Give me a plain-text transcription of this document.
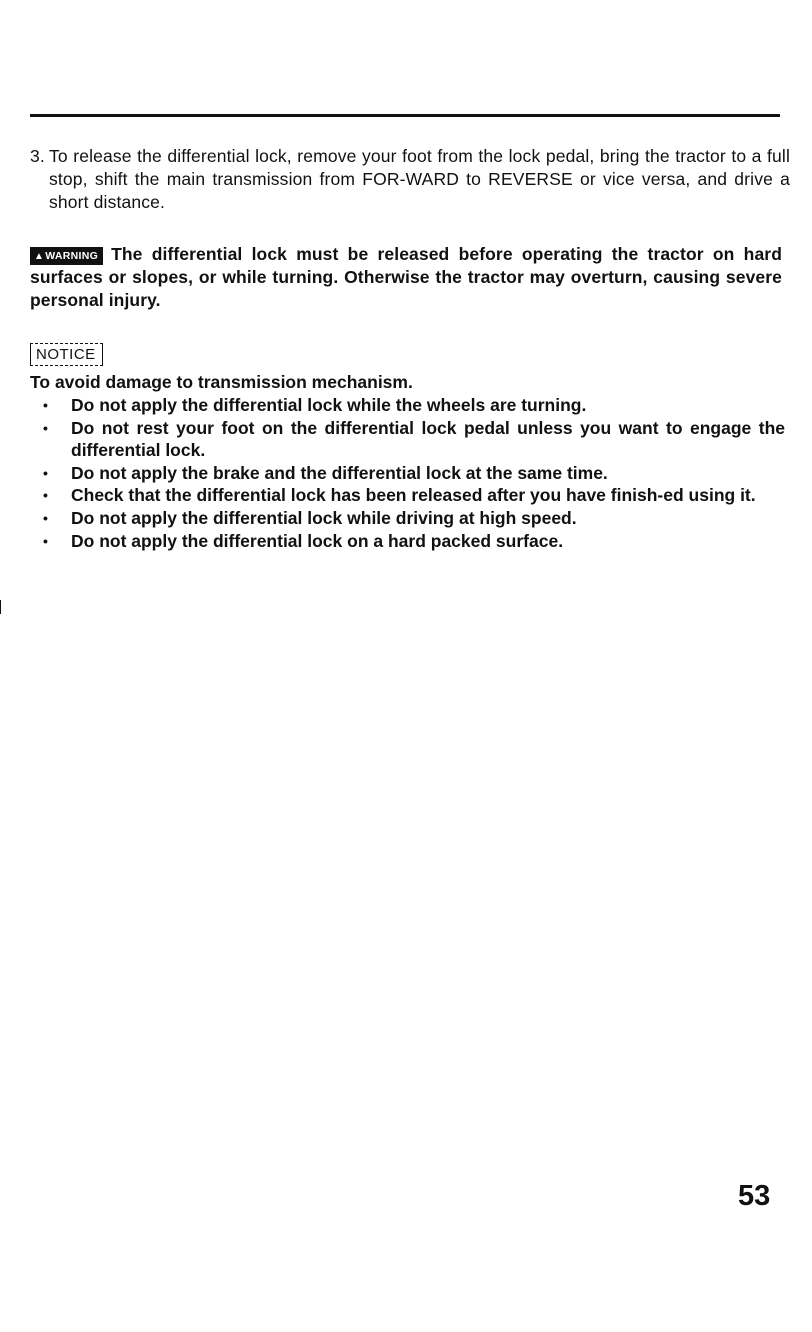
3. To release the differential lock, remove your foot from the lock pedal, bring the tractor to a full stop, shift the main transmission from FOR-WARD to REVERSE or vice versa, and drive a short distance.
▲WARNING The differential lock must be released before operating the tractor on hard surfaces or slopes, or while turning. Otherwise the tractor may overturn, causing severe personal injury.
NOTICE
To avoid damage to transmission mechanism.
• Do not apply the differential lock while the wheels are turning.
• Do not rest your foot on the differential lock pedal unless you want to engage the differential lock.
• Do not apply the brake and the differential lock at the same time.
• Check that the differential lock has been released after you have finish-ed using it.
• Do not apply the differential lock while driving at high speed.
• Do not apply the differential lock on a hard packed surface.
53
